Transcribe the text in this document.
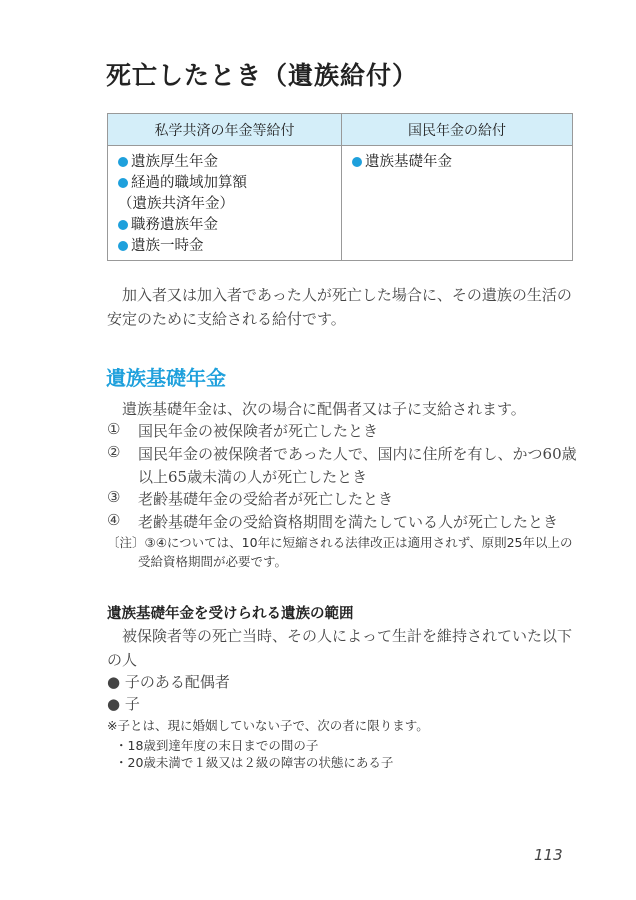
死亡したとき（遺族給付）
私学共済の年金等給付	国民年金の給付
遺族厚生年金
経過的職域加算額
（遺族共済年金）
職務遺族年金
遺族一時金
遺族基礎年金
　加入者又は加入者であった人が死亡した場合に、その遺族の生活の
安定のために支給される給付です。
遺族基礎年金
　遺族基礎年金は、次の場合に配偶者又は子に支給されます。
① 国民年金の被保険者が死亡したとき
② 国民年金の被保険者であった人で、国内に住所を有し、かつ60歳
以上65歳未満の人が死亡したとき
③ 老齢基礎年金の受給者が死亡したとき
④ 老齢基礎年金の受給資格期間を満たしている人が死亡したとき
〔注〕③④については、10年に短縮される法律改正は適用されず、原則25年以上の
受給資格期間が必要です。
遺族基礎年金を受けられる遺族の範囲
　被保険者等の死亡当時、その人によって生計を維持されていた以下
の人
● 子のある配偶者
● 子
※子とは、現に婚姻していない子で、次の者に限ります。
・18歳到達年度の末日までの間の子
・20歳未満で１級又は２級の障害の状態にある子
113
